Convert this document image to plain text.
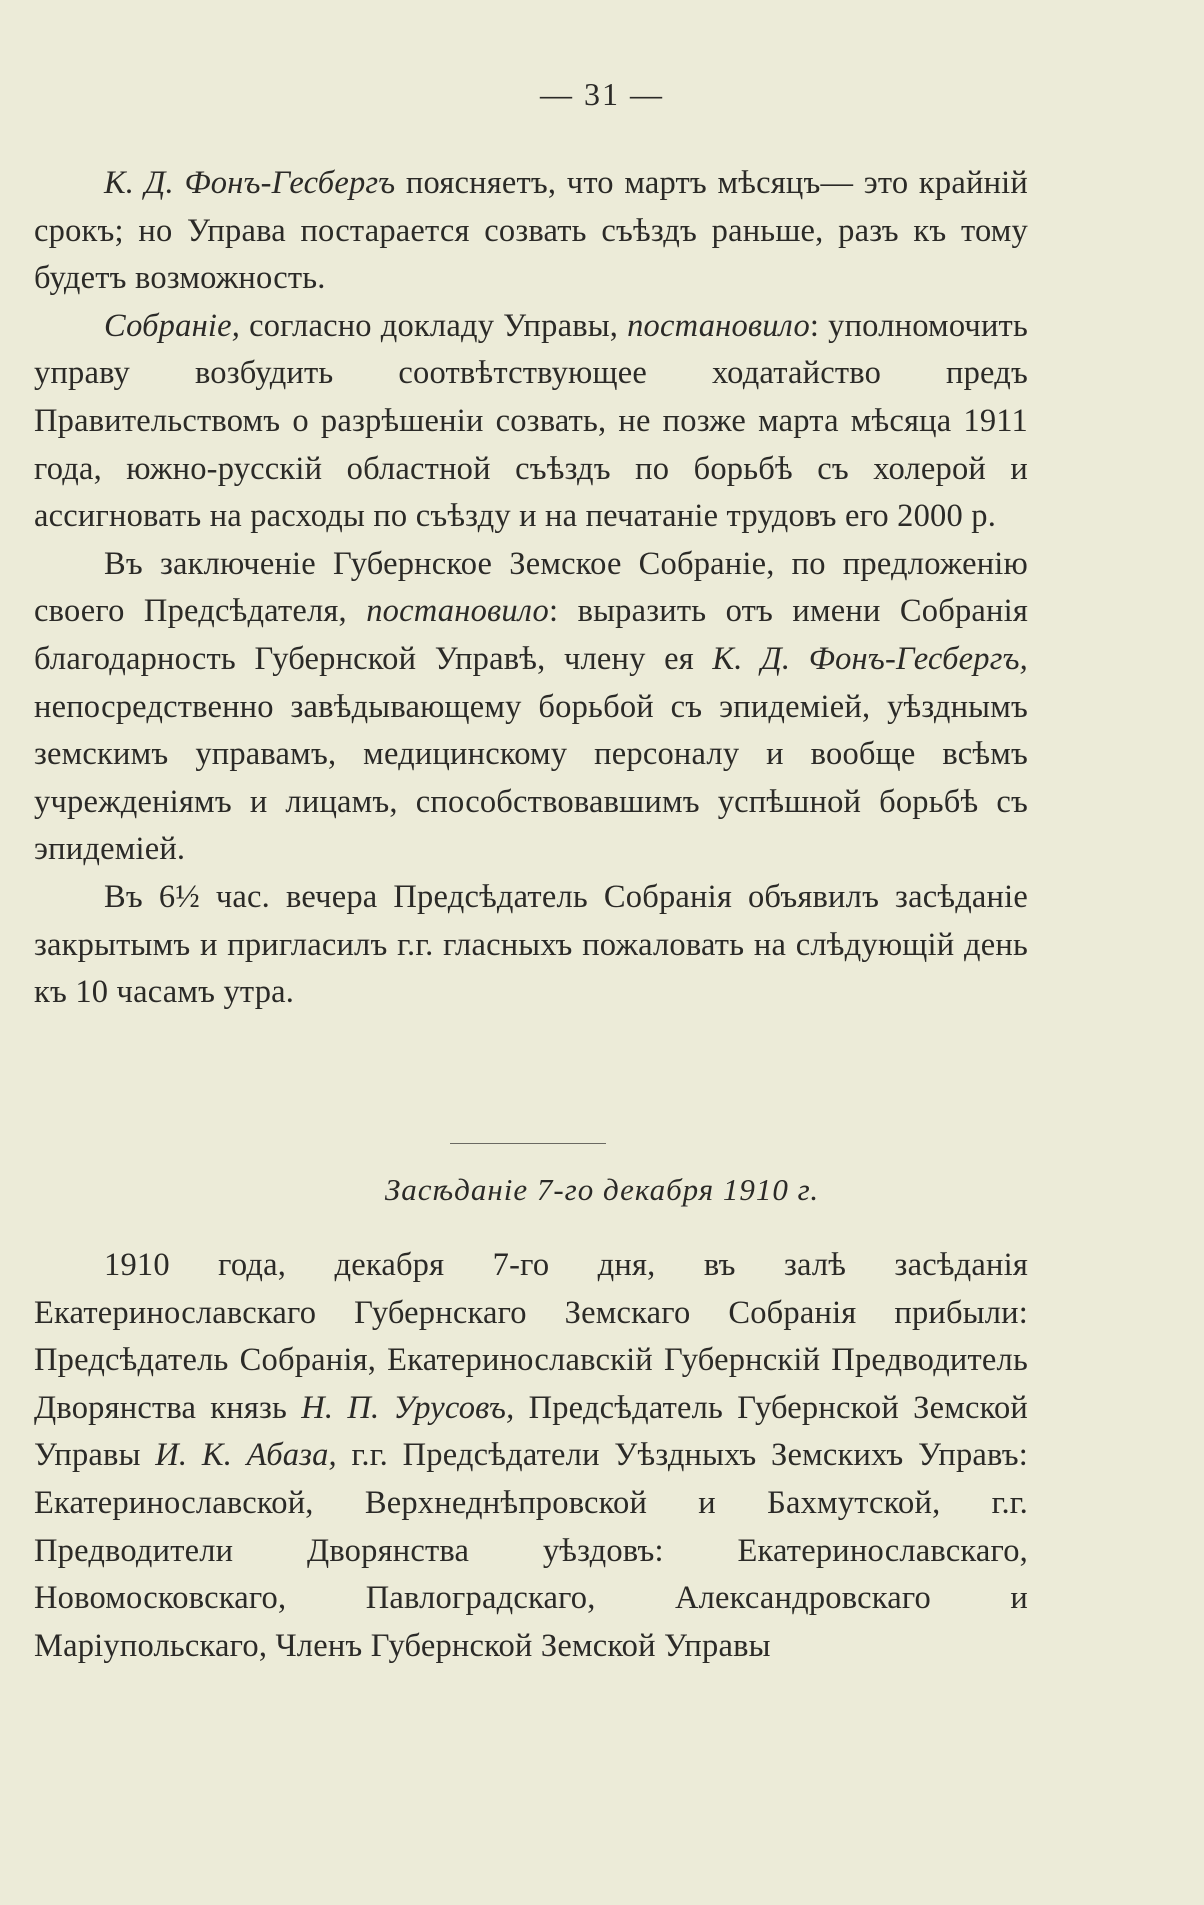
— 31 —

К. Д. Фонъ-Гесбергъ поясняетъ, что мартъ мѣсяцъ— это крайній срокъ; но Управа постарается созвать съѣздъ раньше, разъ къ тому будетъ возможность.

Собраніе, согласно докладу Управы, постановило: уполномочить управу возбудить соотвѣтствующее ходатайство предъ Правительствомъ о разрѣшеніи созвать, не позже марта мѣсяца 1911 года, южно-русскій областной съѣздъ по борьбѣ съ холерой и ассигновать на расходы по съѣзду и на печатаніе трудовъ его 2000 р.

Въ заключеніе Губернское Земское Собраніе, по предложенію своего Предсѣдателя, постановило: выразить отъ имени Собранія благодарность Губернской Управѣ, члену ея К. Д. Фонъ-Гесбергъ, непосредственно завѣдывающему борьбой съ эпидеміей, уѣзднымъ земскимъ управамъ, медицинскому персоналу и вообще всѣмъ учрежденіямъ и лицамъ, способствовавшимъ успѣшной борьбѣ съ эпидеміей.

Въ 6½ час. вечера Предсѣдатель Собранія объявилъ засѣданіе закрытымъ и пригласилъ г.г. гласныхъ пожаловать на слѣдующій день къ 10 часамъ утра.

Засѣданіе 7-го декабря 1910 г.

1910 года, декабря 7-го дня, въ залѣ засѣданія Екатеринославскаго Губернскаго Земскаго Собранія прибыли: Предсѣдатель Собранія, Екатеринославскій Губернскій Предводитель Дворянства князь Н. П. Урусовъ, Предсѣдатель Губернской Земской Управы И. К. Абаза, г.г. Предсѣдатели Уѣздныхъ Земскихъ Управъ: Екатеринославской, Верхнеднѣпровской и Бахмутской, г.г. Предводители Дворянства уѣздовъ: Екатеринославскаго, Новомосковскаго, Павлоградскаго, Александровскаго и Маріупольскаго, Членъ Губернской Земской Управы
